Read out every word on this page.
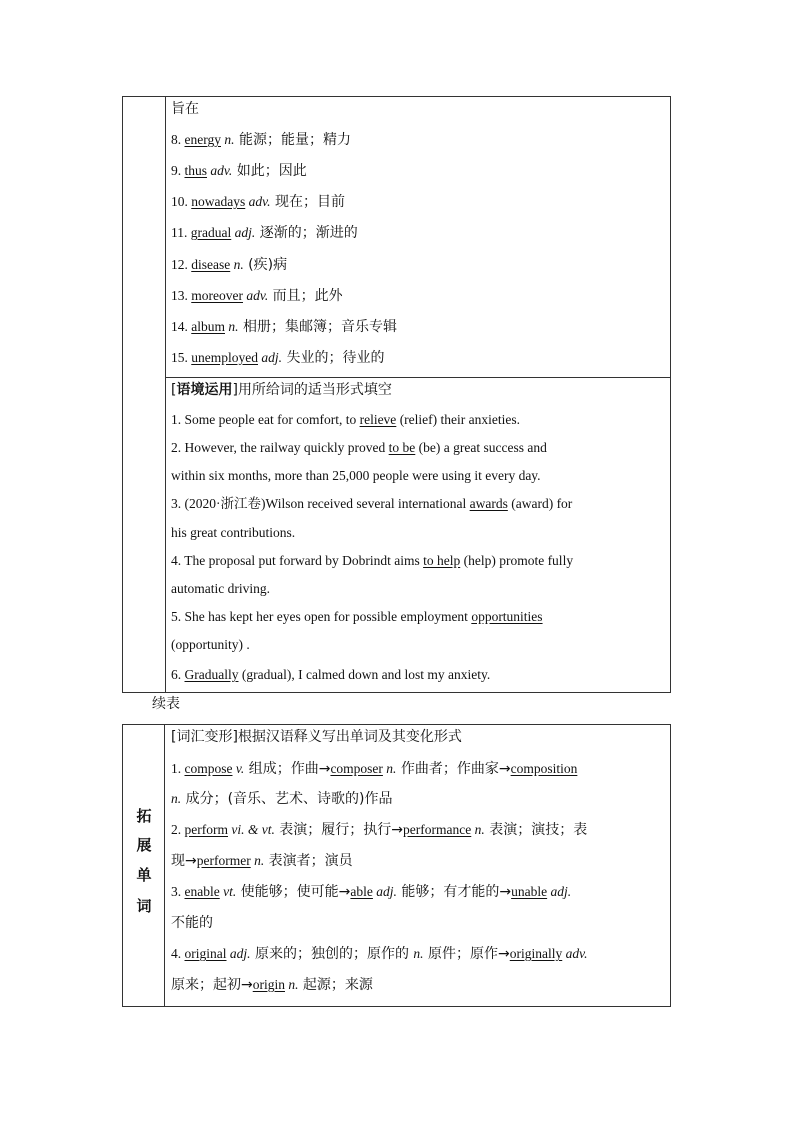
旨在
8. energy n. 能源；能量；精力
9. thus adv. 如此；因此
10. nowadays adv. 现在；目前
11. gradual adj. 逐渐的；渐进的
12. disease n. (疾)病
13. moreover adv. 而且；此外
14. album n. 相册；集邮簿；音乐专辑
15. unemployed adj. 失业的；待业的
[语境运用]用所给词的适当形式填空
1. Some people eat for comfort, to relieve (relief) their anxieties.
2. However, the railway quickly proved to be (be) a great success and
within six months, more than 25,000 people were using it every day.
3. (2020·浙江卷)Wilson received several international awards (award) for
his great contributions.
4. The proposal put forward by Dobrindt aims to help (help) promote fully
automatic driving.
5. She has kept her eyes open for possible employment opportunities
(opportunity) .
6. Gradually (gradual), I calmed down and lost my anxiety.
续表
拓
展
单
词
[词汇变形]根据汉语释义写出单词及其变化形式
1. compose v. 组成；作曲→composer n. 作曲者；作曲家→composition
n. 成分；(音乐、艺术、诗歌的)作品
2. perform vi. & vt. 表演；履行；执行→performance n. 表演；演技；表
现→performer n. 表演者；演员
3. enable vt. 使能够；使可能→able adj. 能够；有才能的→unable adj.
不能的
4. original adj. 原来的；独创的；原作的 n. 原件；原作→originally adv.
原来；起初→origin n. 起源；来源
